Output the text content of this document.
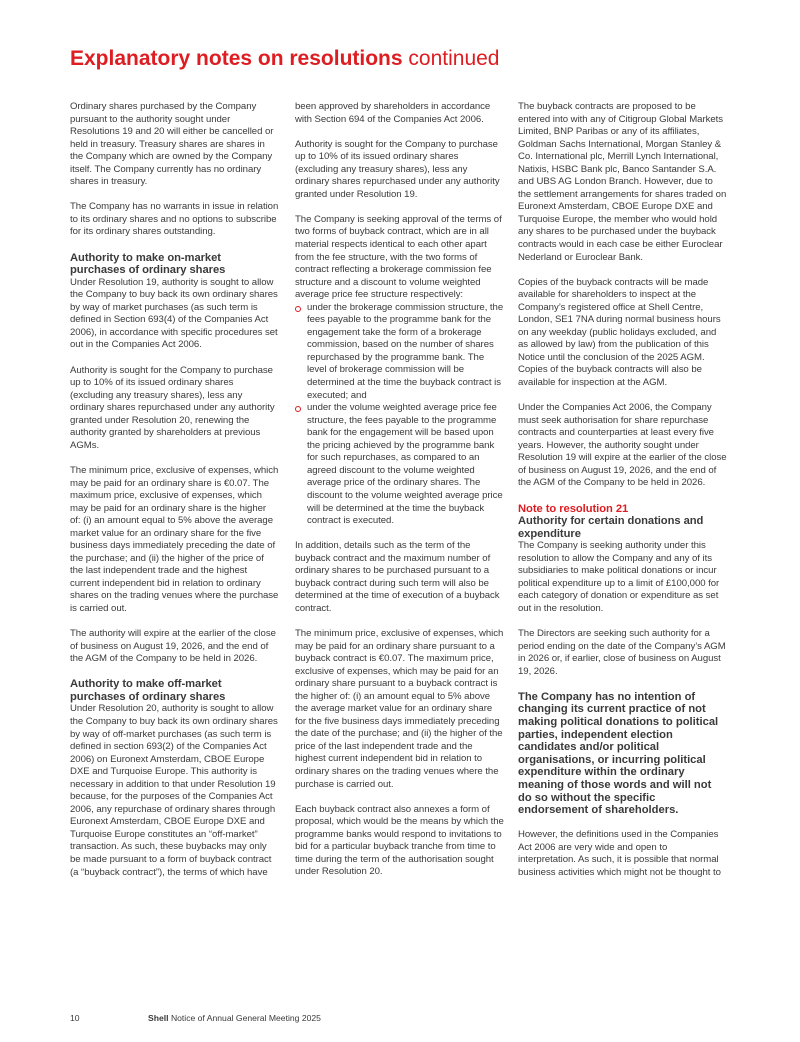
Explanatory notes on resolutions continued

Ordinary shares purchased by the Company pursuant to the authority sought under Resolutions 19 and 20 will either be cancelled or held in treasury. Treasury shares are shares in the Company which are owned by the Company itself. The Company currently has no ordinary shares in treasury.

The Company has no warrants in issue in relation to its ordinary shares and no options to subscribe for its ordinary shares outstanding.

Authority to make on-market purchases of ordinary shares

Under Resolution 19, authority is sought to allow the Company to buy back its own ordinary shares by way of market purchases (as such term is defined in Section 693(4) of the Companies Act 2006), in accordance with specific procedures set out in the Companies Act 2006.

Authority is sought for the Company to purchase up to 10% of its issued ordinary shares (excluding any treasury shares), less any ordinary shares repurchased under any authority granted under Resolution 20, renewing the authority granted by shareholders at previous AGMs.

The minimum price, exclusive of expenses, which may be paid for an ordinary share is €0.07. The maximum price, exclusive of expenses, which may be paid for an ordinary share is the higher of: (i) an amount equal to 5% above the average market value for an ordinary share for the five business days immediately preceding the date of the purchase; and (ii) the higher of the price of the last independent trade and the highest current independent bid in relation to ordinary shares on the trading venues where the purchase is carried out.

The authority will expire at the earlier of the close of business on August 19, 2026, and the end of the AGM of the Company to be held in 2026.

Authority to make off-market purchases of ordinary shares

Under Resolution 20, authority is sought to allow the Company to buy back its own ordinary shares by way of off-market purchases (as such term is defined in section 693(2) of the Companies Act 2006) on Euronext Amsterdam, CBOE Europe DXE and Turquoise Europe. This authority is necessary in addition to that under Resolution 19 because, for the purposes of the Companies Act 2006, any repurchase of ordinary shares through Euronext Amsterdam, CBOE Europe DXE and Turquoise Europe constitutes an “off-market” transaction. As such, these buybacks may only be made pursuant to a form of buyback contract (a “buyback contract”), the terms of which have

been approved by shareholders in accordance with Section 694 of the Companies Act 2006.

Authority is sought for the Company to purchase up to 10% of its issued ordinary shares (excluding any treasury shares), less any ordinary shares repurchased under any authority granted under Resolution 19.

The Company is seeking approval of the terms of two forms of buyback contract, which are in all material respects identical to each other apart from the fee structure, with the two forms of contract reflecting a brokerage commission fee structure and a discount to volume weighted average price fee structure respectively:

under the brokerage commission structure, the fees payable to the programme bank for the engagement take the form of a brokerage commission, based on the number of shares repurchased by the programme bank. The level of brokerage commission will be determined at the time the buyback contract is executed; and
under the volume weighted average price fee structure, the fees payable to the programme bank for the engagement will be based upon the pricing achieved by the programme bank for such repurchases, as compared to an agreed discount to the volume weighted average price of the ordinary shares. The discount to the volume weighted average price will be determined at the time the buyback contract is executed.

In addition, details such as the term of the buyback contract and the maximum number of ordinary shares to be purchased pursuant to a buyback contract during such term will also be determined at the time of execution of a buyback contract.

The minimum price, exclusive of expenses, which may be paid for an ordinary share pursuant to a buyback contract is €0.07. The maximum price, exclusive of expenses, which may be paid for an ordinary share pursuant to a buyback contract is the higher of: (i) an amount equal to 5% above the average market value for an ordinary share for the five business days immediately preceding the date of the purchase; and (ii) the higher of the price of the last independent trade and the highest current independent bid in relation to ordinary shares on the trading venues where the purchase is carried out.

Each buyback contract also annexes a form of proposal, which would be the means by which the programme banks would respond to invitations to bid for a particular buyback tranche from time to time during the term of the authorisation sought under Resolution 20.

The buyback contracts are proposed to be entered into with any of Citigroup Global Markets Limited, BNP Paribas or any of its affiliates, Goldman Sachs International, Morgan Stanley & Co. International plc, Merrill Lynch International, Natixis, HSBC Bank plc, Banco Santander S.A. and UBS AG London Branch. However, due to the settlement arrangements for shares traded on Euronext Amsterdam, CBOE Europe DXE and Turquoise Europe, the member who would hold any shares to be purchased under the buyback contracts would in each case be either Euroclear Nederland or Euroclear Bank.

Copies of the buyback contracts will be made available for shareholders to inspect at the Company’s registered office at Shell Centre, London, SE1 7NA during normal business hours on any weekday (public holidays excluded, and as allowed by law) from the publication of this Notice until the conclusion of the 2025 AGM. Copies of the buyback contracts will also be available for inspection at the AGM.

Under the Companies Act 2006, the Company must seek authorisation for share repurchase contracts and counterparties at least every five years. However, the authority sought under Resolution 19 will expire at the earlier of the close of business on August 19, 2026, and the end of the AGM of the Company to be held in 2026.

Note to resolution 21
Authority for certain donations and expenditure

The Company is seeking authority under this resolution to allow the Company and any of its subsidiaries to make political donations or incur political expenditure up to a limit of £100,000 for each category of donation or expenditure as set out in the resolution.

The Directors are seeking such authority for a period ending on the date of the Company’s AGM in 2026 or, if earlier, close of business on August 19, 2026.

The Company has no intention of changing its current practice of not making political donations to political parties, independent election candidates and/or political organisations, or incurring political expenditure within the ordinary meaning of those words and will not do so without the specific endorsement of shareholders.

However, the definitions used in the Companies Act 2006 are very wide and open to interpretation. As such, it is possible that normal business activities which might not be thought to

10	Shell Notice of Annual General Meeting 2025
